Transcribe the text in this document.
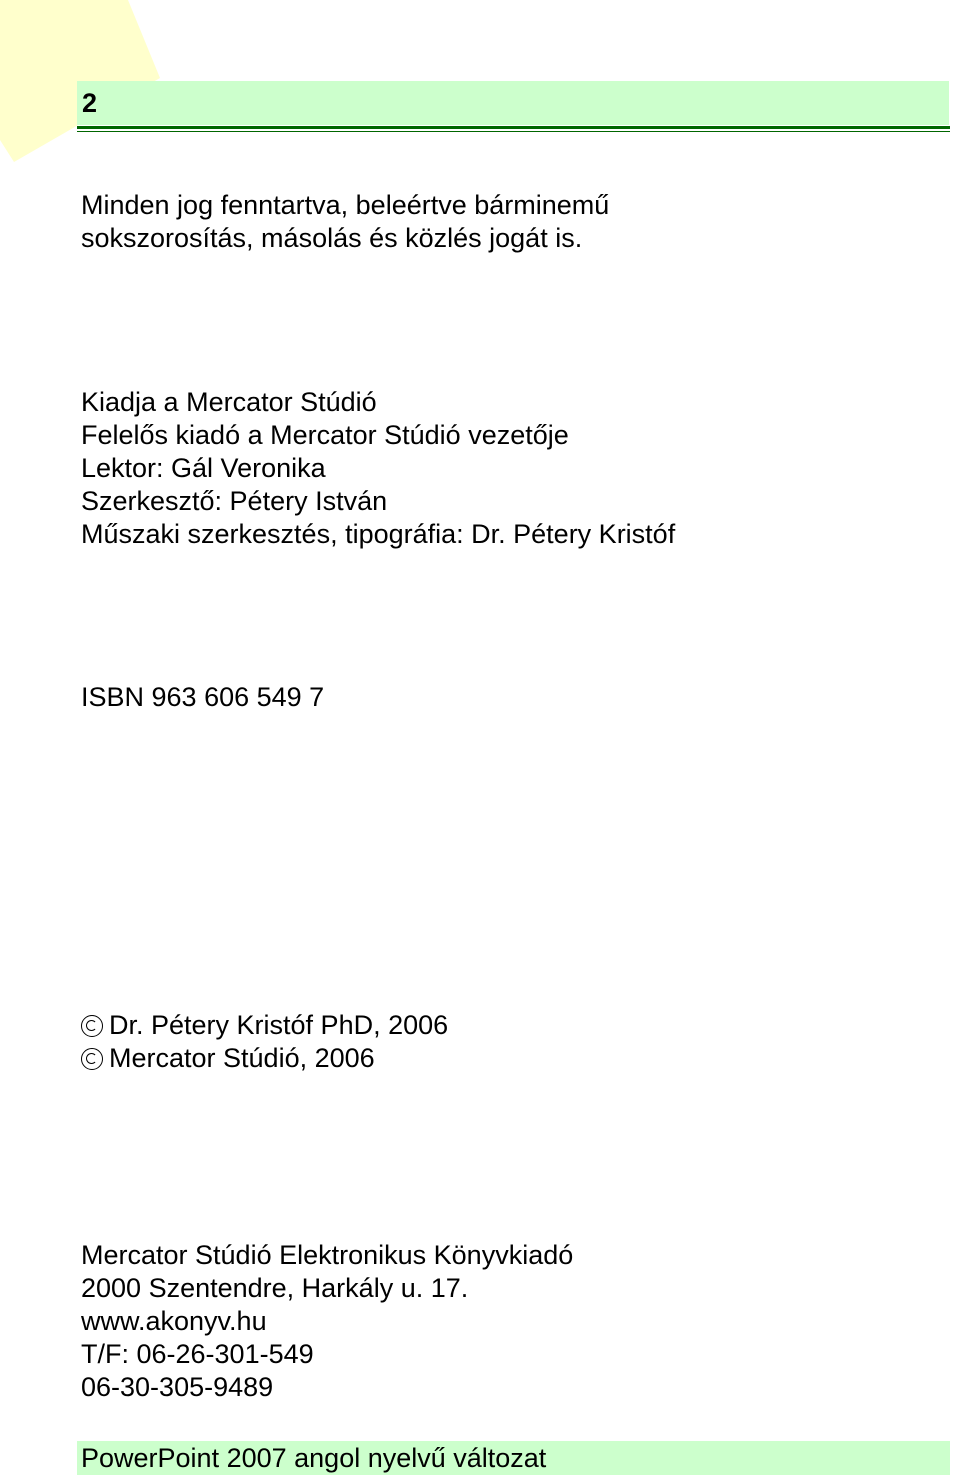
2
Minden jog fenntartva, beleértve bárminemű
sokszorosítás, másolás és közlés jogát is.
Kiadja a Mercator Stúdió
Felelős kiadó a Mercator Stúdió vezetője
Lektor: Gál Veronika
Szerkesztő: Pétery István
Műszaki szerkesztés, tipográfia: Dr. Pétery Kristóf
ISBN 963 606 549 7
Dr. Pétery Kristóf PhD, 2006
Mercator Stúdió, 2006
Mercator Stúdió Elektronikus Könyvkiadó
2000 Szentendre, Harkály u. 17.
www.akonyv.hu
T/F: 06-26-301-549
06-30-305-9489
PowerPoint 2007 angol nyelvű változat
